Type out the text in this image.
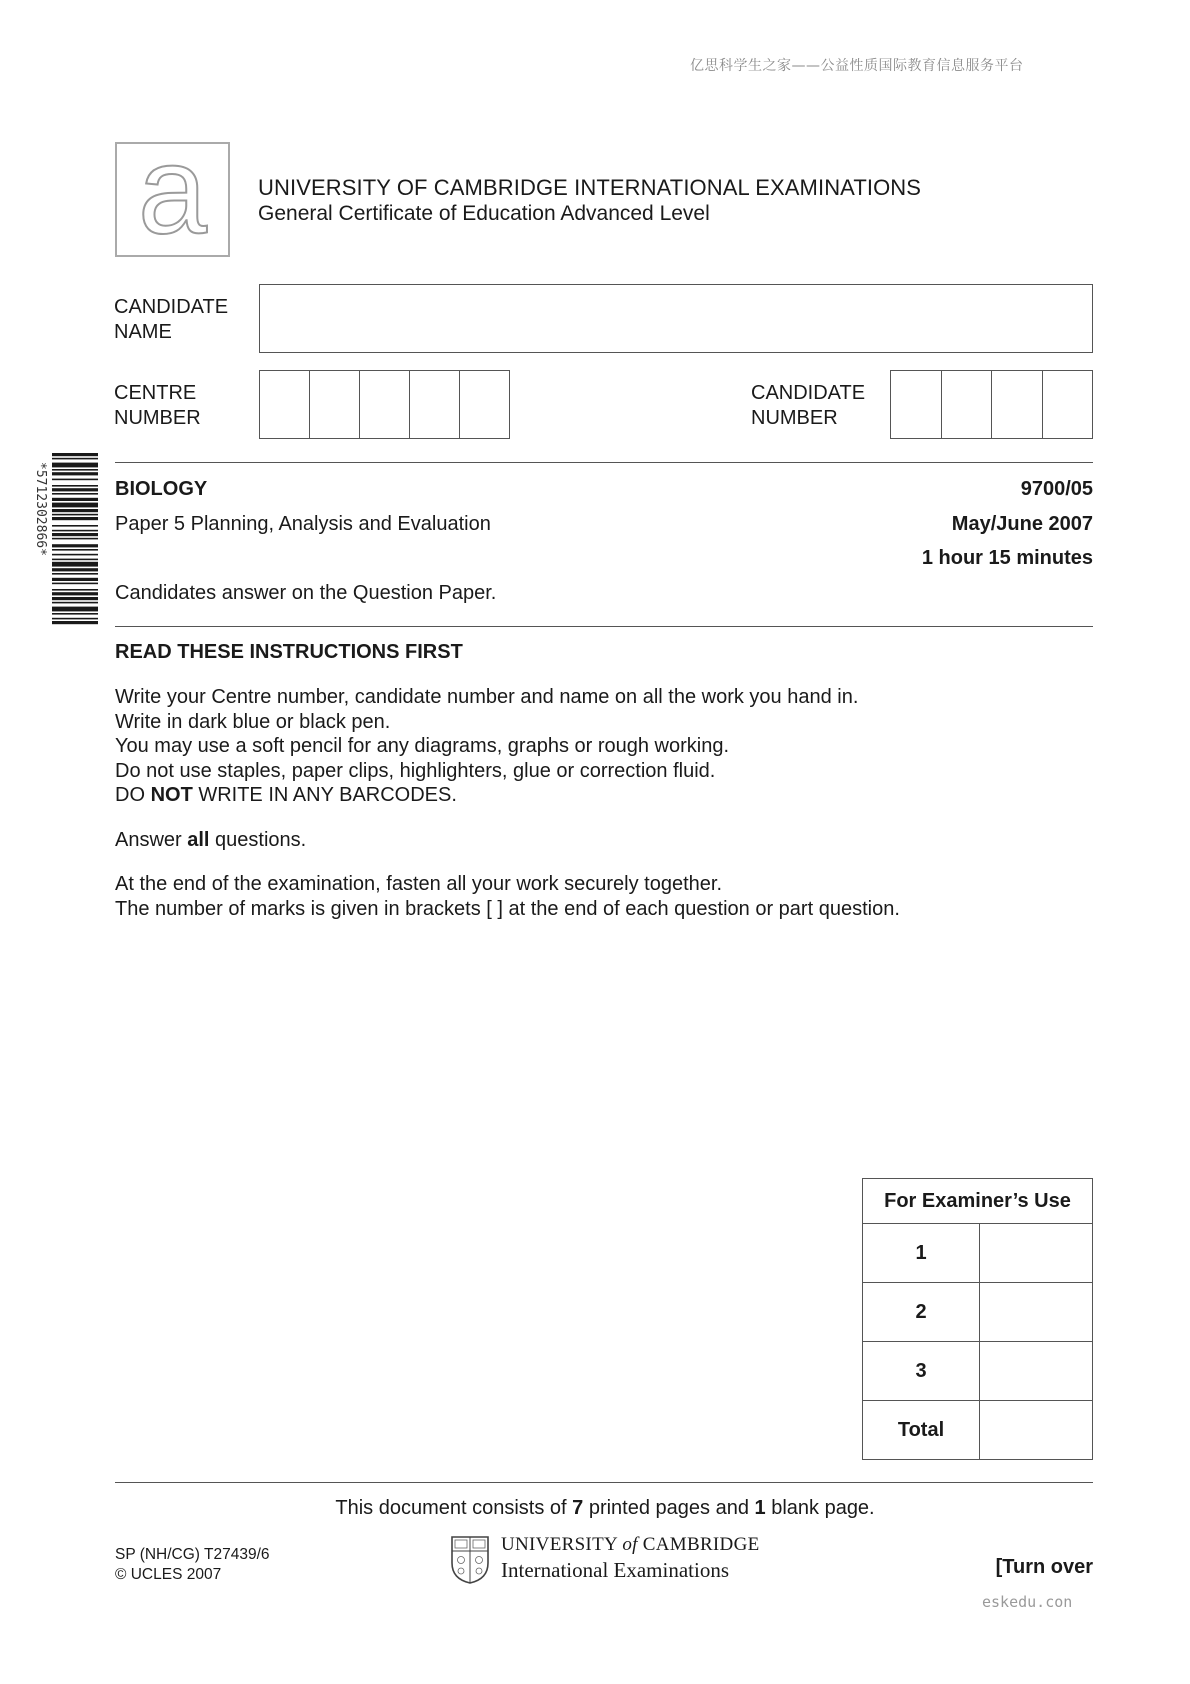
亿思科学生之家——公益性质国际教育信息服务平台
a	UNIVERSITY OF CAMBRIDGE INTERNATIONAL EXAMINATIONS
General Certificate of Education Advanced Level
CANDIDATE
NAME
CENTRE
NUMBER
CANDIDATE
NUMBER
*5712302866*	BIOLOGY	9700/05
Paper 5 Planning, Analysis and Evaluation	May/June 2007
1 hour 15 minutes
Candidates answer on the Question Paper.
READ THESE INSTRUCTIONS FIRST

Write your Centre number, candidate number and name on all the work you hand in.

Write in dark blue or black pen.

You may use a soft pencil for any diagrams, graphs or rough working.

Do not use staples, paper clips, highlighters, glue or correction fluid.

DO NOT WRITE IN ANY BARCODES.

Answer all questions.

At the end of the examination, fasten all your work securely together.

The number of marks is given in brackets [ ] at the end of each question or part question.

For Examiner’s Use	
1	
2	
3	
Total	
This document consists of 7 printed pages and 1 blank page.
SP (NH/CG) T27439/6
© UCLES 2007
UNIVERSITY of CAMBRIDGE
International Examinations	[Turn over
eskedu.con
